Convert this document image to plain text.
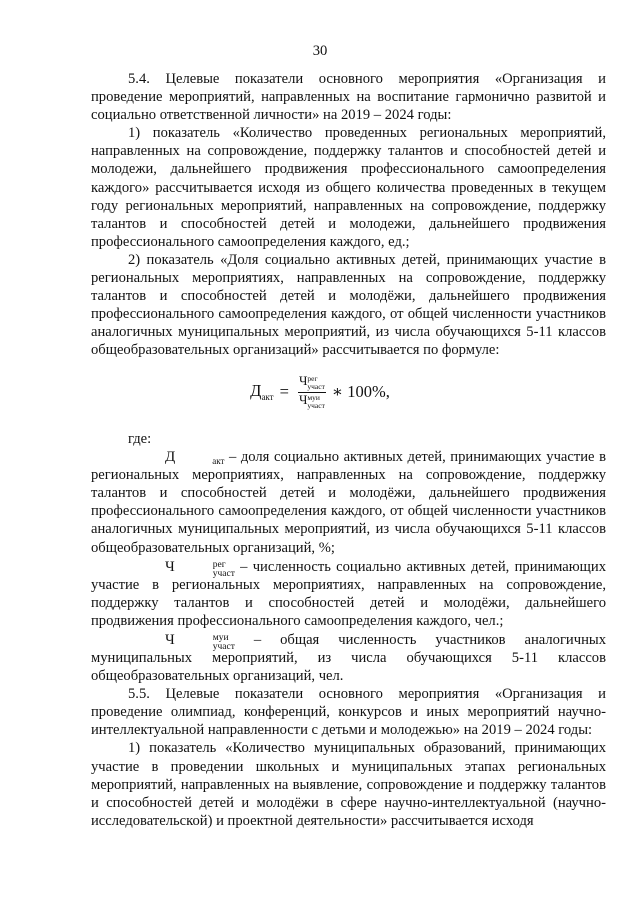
30

5.4. Целевые показатели основного мероприятия «Организация и проведение мероприятий, направленных на воспитание гармонично развитой и социально ответственной личности» на 2019 – 2024 годы:

1) показатель «Количество проведенных региональных мероприятий, направленных на сопровождение, поддержку талантов и способностей детей и молодежи, дальнейшего продвижения профессионального самоопределения каждого» рассчитывается исходя из общего количества проведенных в текущем году региональных мероприятий, направленных на сопровождение, поддержку талантов и способностей детей и молодежи, дальнейшего продвижения профессионального самоопределения каждого, ед.;

2) показатель «Доля социально активных детей, принимающих участие в региональных мероприятиях, направленных на сопровождение, поддержку талантов и способностей детей и молодёжи, дальнейшего продвижения профессионального самоопределения каждого, от общей численности участников аналогичных муниципальных мероприятий, из числа обучающихся 5-11 классов общеобразовательных организаций» рассчитывается по формуле:

$Д_{акт} = Ч$ рег
участ
Ч муи
участ ∗ 100%,

где:

Д	акт – доля социально активных детей, принимающих участие в региональных мероприятиях, направленных на сопровождение, поддержку талантов и способностей детей и молодёжи, дальнейшего продвижения профессионального самоопределения каждого, от общей численности участников аналогичных муниципальных мероприятий, из числа обучающихся 5-11 классов общеобразовательных организаций, %;

Ч	рег
участ – численность социально активных детей, принимающих участие в региональных мероприятиях, направленных на сопровождение, поддержку талантов и способностей детей и молодёжи, дальнейшего продвижения профессионального самоопределения каждого, чел.;

Ч	муи
участ – общая численность участников аналогичных муниципальных мероприятий, из числа обучающихся 5-11 классов общеобразовательных организаций, чел.

5.5. Целевые показатели основного мероприятия «Организация и проведение олимпиад, конференций, конкурсов и иных мероприятий научно-интеллектуальной направленности с детьми и молодежью» на 2019 – 2024 годы:

1) показатель «Количество муниципальных образований, принимающих участие в проведении школьных и муниципальных этапах региональных мероприятий, направленных на выявление, сопровождение и поддержку талантов и способностей детей и молодёжи в сфере научно-интеллектуальной (научно-исследовательской) и проектной деятельности» рассчитывается исходя
